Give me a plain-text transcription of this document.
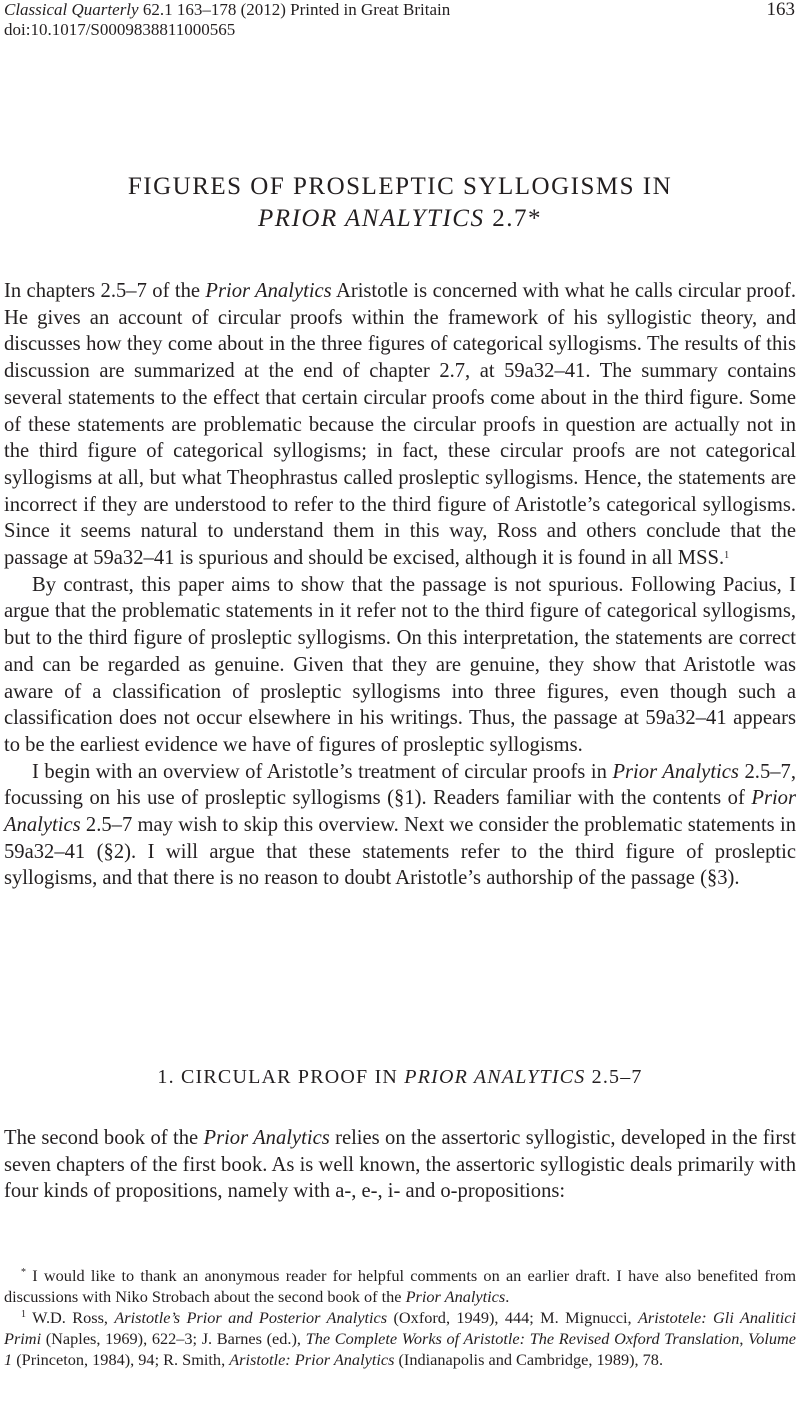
Classical Quarterly 62.1 163–178 (2012) Printed in Great Britain
doi:10.1017/S0009838811000565
163
FIGURES OF PROSLEPTIC SYLLOGISMS IN
PRIOR ANALYTICS 2.7*

In chapters 2.5–7 of the Prior Analytics Aristotle is concerned with what he calls circular proof. He gives an account of circular proofs within the framework of his syllogistic theory, and discusses how they come about in the three figures of categorical syllogisms. The results of this discussion are summarized at the end of chapter 2.7, at 59a32–41. The summary contains several statements to the effect that certain circular proofs come about in the third figure. Some of these statements are problematic because the circular proofs in question are actually not in the third figure of categorical syllogisms; in fact, these circular proofs are not categorical syllogisms at all, but what Theophrastus called prosleptic syllogisms. Hence, the statements are incorrect if they are understood to refer to the third figure of Aristotle’s categorical syllogisms. Since it seems natural to understand them in this way, Ross and others conclude that the passage at 59a32–41 is spurious and should be excised, although it is found in all MSS.$^1$

By contrast, this paper aims to show that the passage is not spurious. Following Pacius, I argue that the problematic statements in it refer not to the third figure of categorical syllogisms, but to the third figure of prosleptic syllogisms. On this interpretation, the statements are correct and can be regarded as genuine. Given that they are genuine, they show that Aristotle was aware of a classification of prosleptic syllogisms into three figures, even though such a classification does not occur elsewhere in his writings. Thus, the passage at 59a32–41 appears to be the earliest evidence we have of figures of prosleptic syllogisms.

I begin with an overview of Aristotle’s treatment of circular proofs in Prior Analytics 2.5–7, focussing on his use of prosleptic syllogisms (§1). Readers familiar with the contents of Prior Analytics 2.5–7 may wish to skip this overview. Next we consider the problematic statements in 59a32–41 (§2). I will argue that these statements refer to the third figure of prosleptic syllogisms, and that there is no reason to doubt Aristotle’s authorship of the passage (§3).

1. CIRCULAR PROOF IN PRIOR ANALYTICS 2.5–7

The second book of the Prior Analytics relies on the assertoric syllogistic, developed in the first seven chapters of the first book. As is well known, the assertoric syllogistic deals primarily with four kinds of propositions, namely with a-, e-, i- and o-propositions:

* I would like to thank an anonymous reader for helpful comments on an earlier draft. I have also benefited from discussions with Niko Strobach about the second book of the Prior Analytics.

$^1$ W.D. Ross, Aristotle’s Prior and Posterior Analytics (Oxford, 1949), 444; M. Mignucci, Aristotele: Gli Analitici Primi (Naples, 1969), 622–3; J. Barnes (ed.), The Complete Works of Aristotle: The Revised Oxford Translation, Volume 1 (Princeton, 1984), 94; R. Smith, Aristotle: Prior Analytics (Indianapolis and Cambridge, 1989), 78.
